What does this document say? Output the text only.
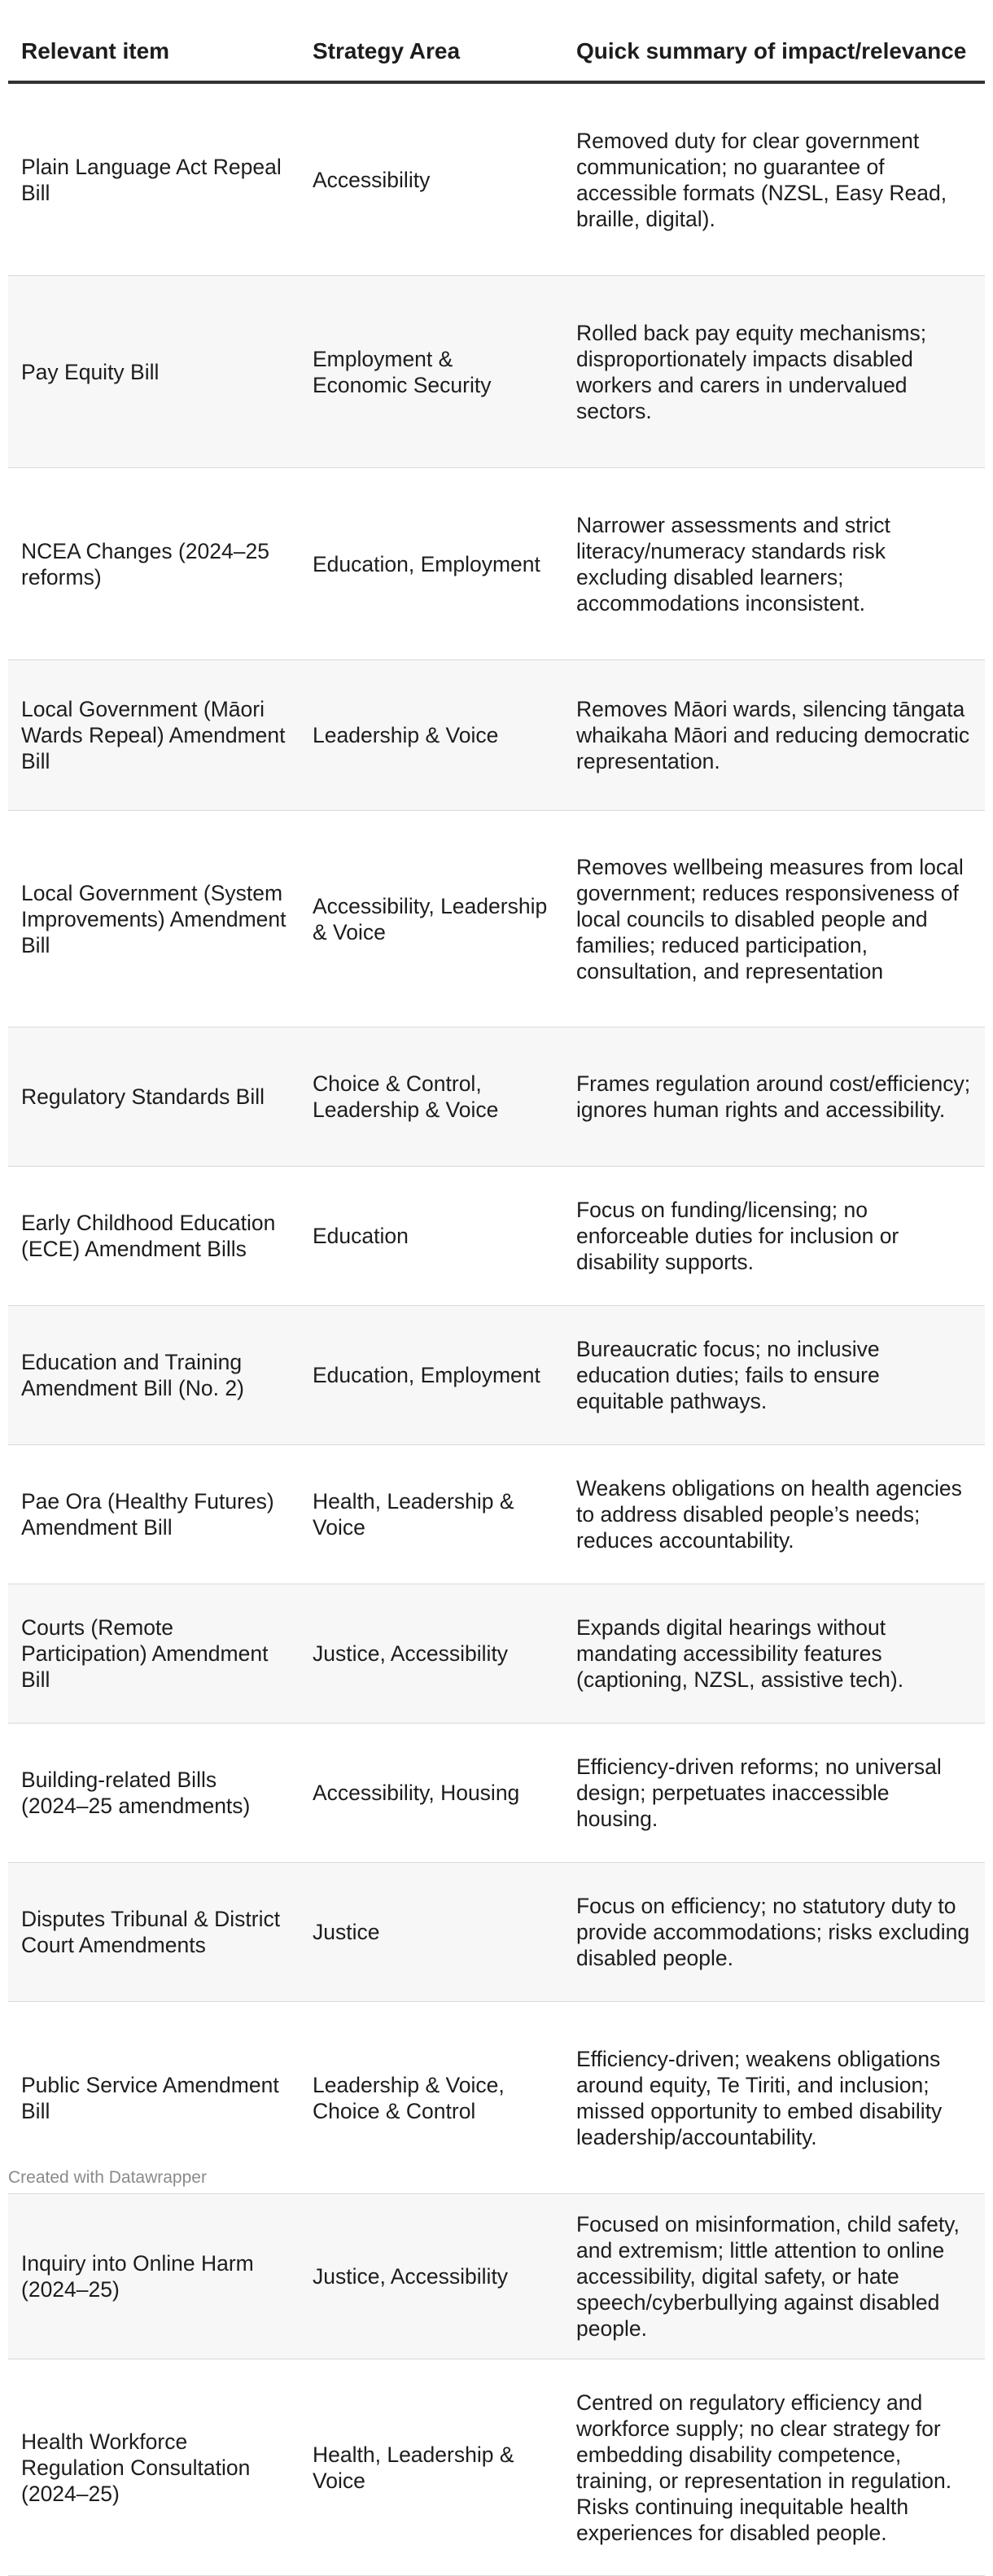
Relevant item	Strategy Area	Quick summary of impact/relevance
Plain Language Act Repeal Bill	Accessibility	Removed duty for clear government communication; no guarantee of accessible formats (NZSL, Easy Read, braille, digital).
Pay Equity Bill	Employment & Economic Security	Rolled back pay equity mechanisms; disproportionately impacts disabled workers and carers in undervalued sectors.
NCEA Changes (2024–25 reforms)	Education, Employment	Narrower assessments and strict literacy/numeracy standards risk excluding disabled learners; accommodations inconsistent.
Local Government (Māori Wards Repeal) Amendment Bill	Leadership & Voice	Removes Māori wards, silencing tāngata whaikaha Māori and reducing democratic representation.
Local Government (System Improvements) Amendment Bill	Accessibility, Leadership & Voice	Removes wellbeing measures from local government; reduces responsiveness of local councils to disabled people and families; reduced participation, consultation, and representation
Regulatory Standards Bill	Choice & Control, Leadership & Voice	Frames regulation around cost/efficiency; ignores human rights and accessibility.
Early Childhood Education (ECE) Amendment Bills	Education	Focus on funding/licensing; no enforceable duties for inclusion or disability supports.
Education and Training Amendment Bill (No. 2)	Education, Employment	Bureaucratic focus; no inclusive education duties; fails to ensure equitable pathways.
Pae Ora (Healthy Futures) Amendment Bill	Health, Leadership & Voice	Weakens obligations on health agencies to address disabled people’s needs; reduces accountability.
Courts (Remote Participation) Amendment Bill	Justice, Accessibility	Expands digital hearings without mandating accessibility features (captioning, NZSL, assistive tech).
Building-related Bills (2024–25 amendments)	Accessibility, Housing	Efficiency-driven reforms; no universal design; perpetuates inaccessible housing.
Disputes Tribunal & District Court Amendments	Justice	Focus on efficiency; no statutory duty to provide accommodations; risks excluding disabled people.
Public Service Amendment Bill	Leadership & Voice, Choice & Control	Efficiency-driven; weakens obligations around equity, Te Tiriti, and inclusion; missed opportunity to embed disability leadership/accountability.
Inquiry into Online Harm (2024–25)	Justice, Accessibility	Focused on misinformation, child safety, and extremism; little attention to online accessibility, digital safety, or hate speech/cyberbullying against disabled people.
Health Workforce Regulation Consultation (2024–25)	Health, Leadership & Voice	Centred on regulatory efficiency and workforce supply; no clear strategy for embedding disability competence, training, or representation in regulation. Risks continuing inequitable health experiences for disabled people.
Created with Datawrapper
